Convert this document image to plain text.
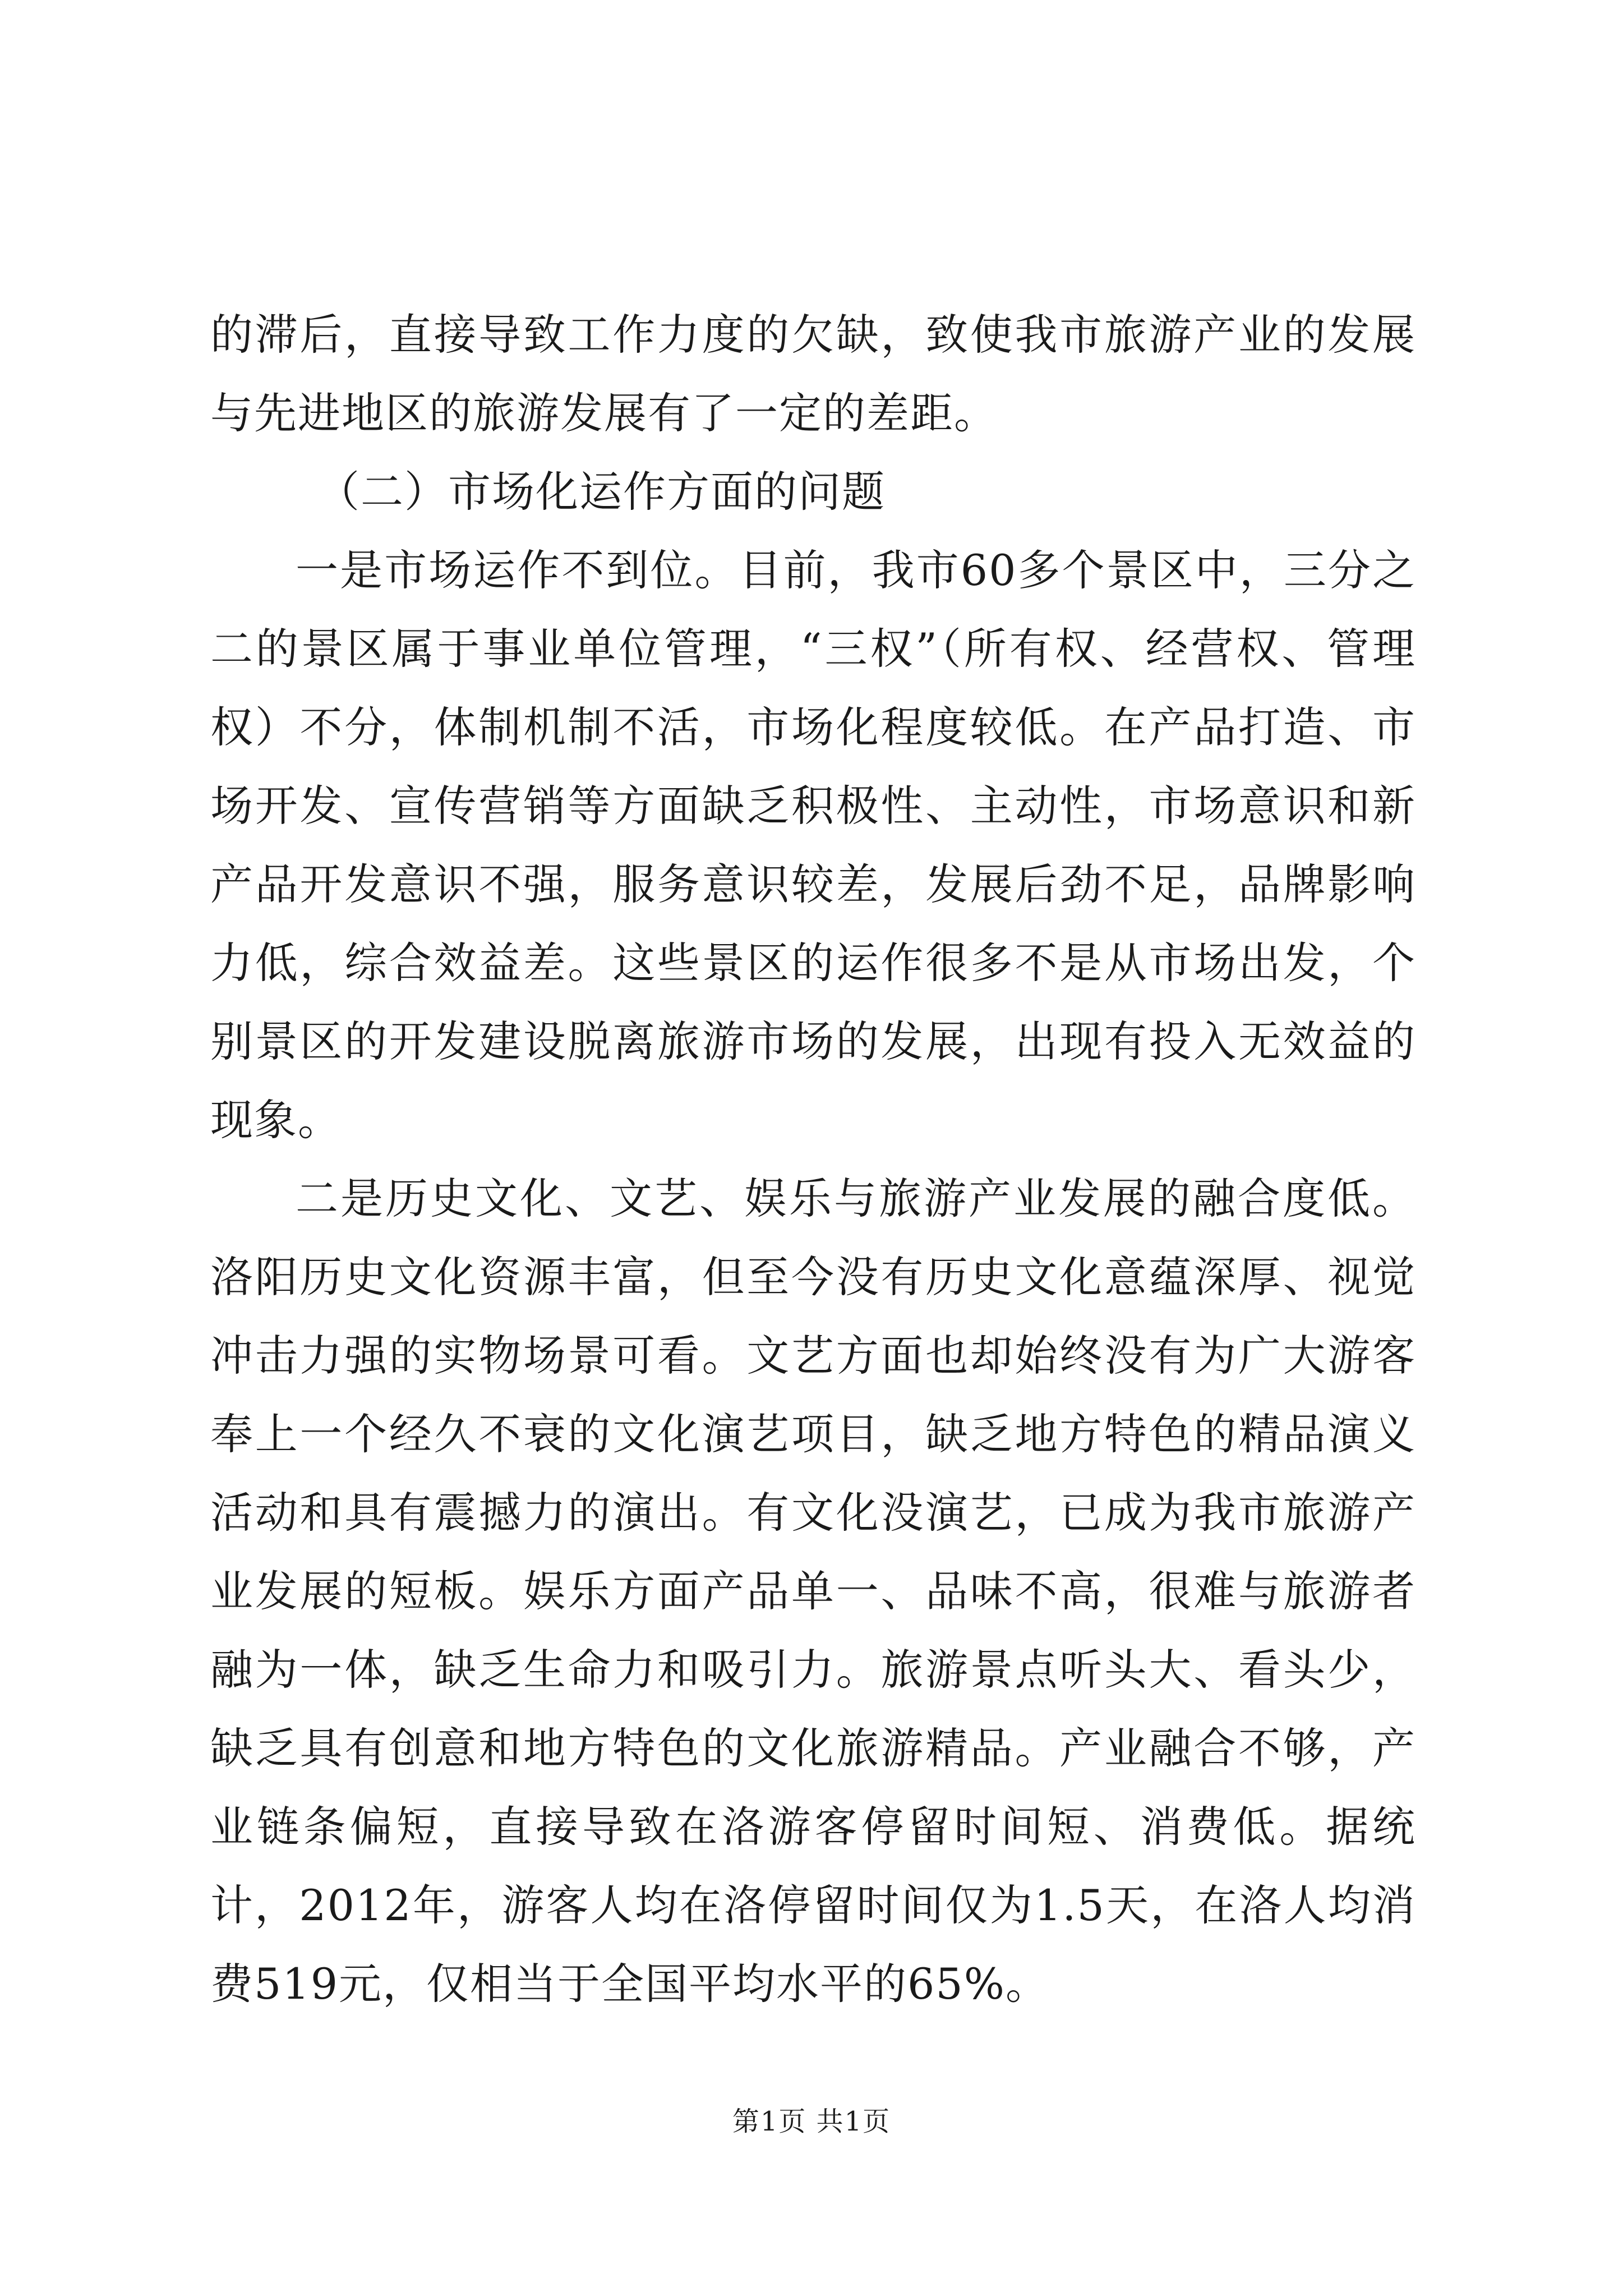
的滞后，直接导致工作力度的欠缺，致使我市旅游产业的发展与先进地区的旅游发展有了一定的差距。

（二）市场化运作方面的问题

一是市场运作不到位。目前，我市60多个景区中，三分之二的景区属于事业单位管理，“三权”（所有权、经营权、管理权）不分，体制机制不活，市场化程度较低。在产品打造、市场开发、宣传营销等方面缺乏积极性、主动性，市场意识和新产品开发意识不强，服务意识较差，发展后劲不足，品牌影响力低，综合效益差。这些景区的运作很多不是从市场出发，个别景区的开发建设脱离旅游市场的发展，出现有投入无效益的现象。

二是历史文化、文艺、娱乐与旅游产业发展的融合度低。洛阳历史文化资源丰富，但至今没有历史文化意蕴深厚、视觉冲击力强的实物场景可看。文艺方面也却始终没有为广大游客奉上一个经久不衰的文化演艺项目，缺乏地方特色的精品演义活动和具有震撼力的演出。有文化没演艺，已成为我市旅游产业发展的短板。娱乐方面产品单一、品味不高，很难与旅游者融为一体，缺乏生命力和吸引力。旅游景点听头大、看头少，缺乏具有创意和地方特色的文化旅游精品。产业融合不够，产业链条偏短，直接导致在洛游客停留时间短、消费低。据统计，2012年，游客人均在洛停留时间仅为1.5天，在洛人均消费519元，仅相当于全国平均水平的65%。

第1页 共1页
